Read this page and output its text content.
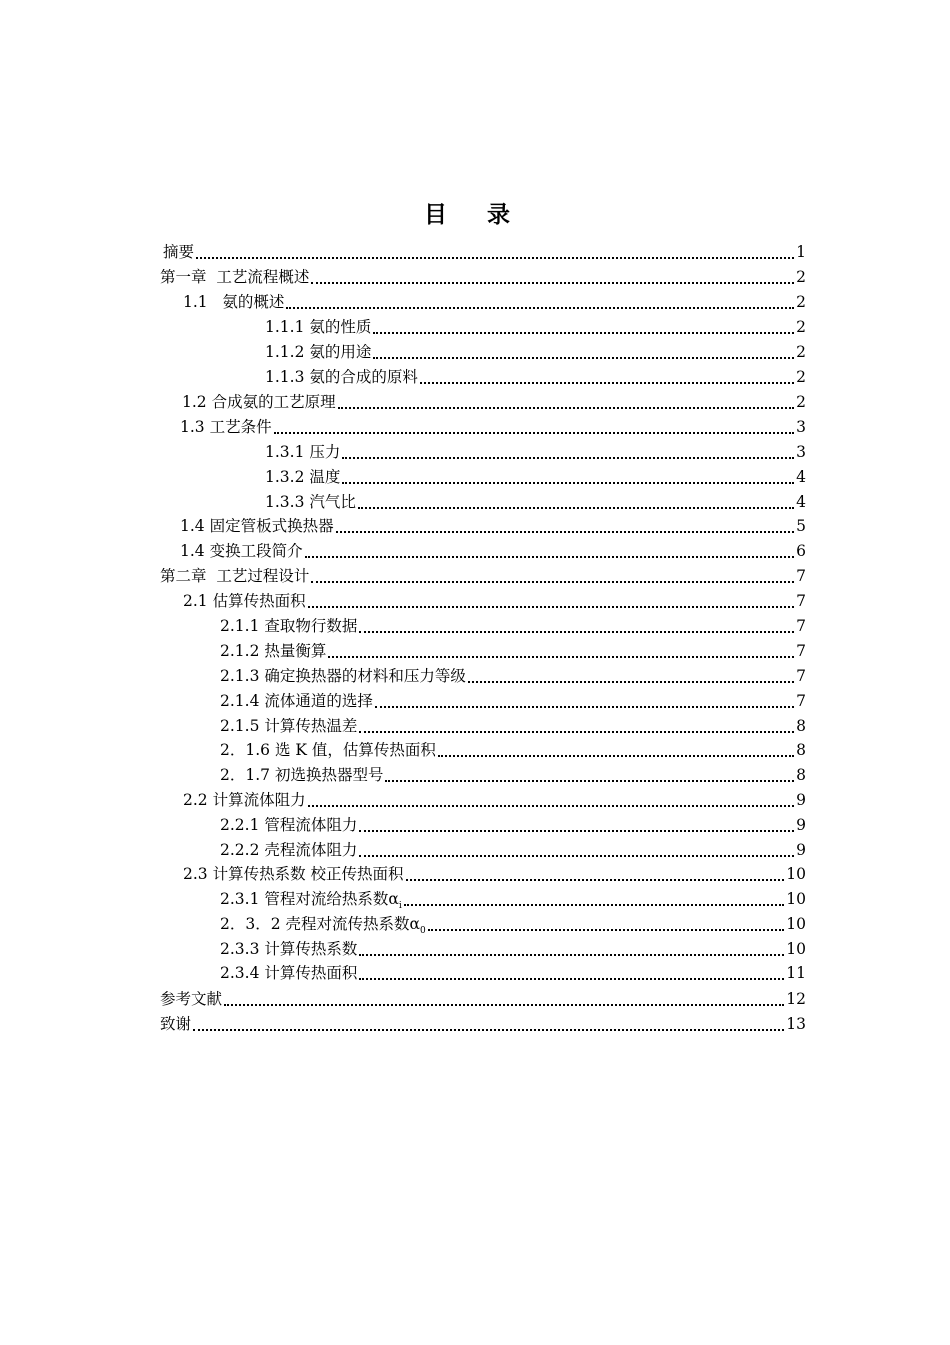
目 录
摘要	1
第一章  工艺流程概述	2
1.1   氨的概述	2
1.1.1 氨的性质	2
1.1.2 氨的用途	2
1.1.3 氨的合成的原料	2
1.2 合成氨的工艺原理	2
1.3 工艺条件	3
1.3.1 压力	3
1.3.2 温度	4
1.3.3 汽气比	4
1.4 固定管板式换热器	5
1.4 变换工段简介	6
第二章  工艺过程设计	7
2.1 估算传热面积	7
2.1.1 查取物行数据	7
2.1.2 热量衡算	7
2.1.3 确定换热器的材料和压力等级	7
2.1.4 流体通道的选择	7
2.1.5 计算传热温差	8
2．1.6 选 K 值，估算传热面积	8
2．1.7 初选换热器型号	8
2.2 计算流体阻力	9
2.2.1 管程流体阻力	9
2.2.2 壳程流体阻力	9
2.3 计算传热系数 校正传热面积	10
2.3.1 管程对流给热系数$\alpha_i$	10
2．3．2 壳程对流传热系数$\alpha_0$	10
2.3.3 计算传热系数	10
2.3.4 计算传热面积	11
参考文献	12
致谢	13
